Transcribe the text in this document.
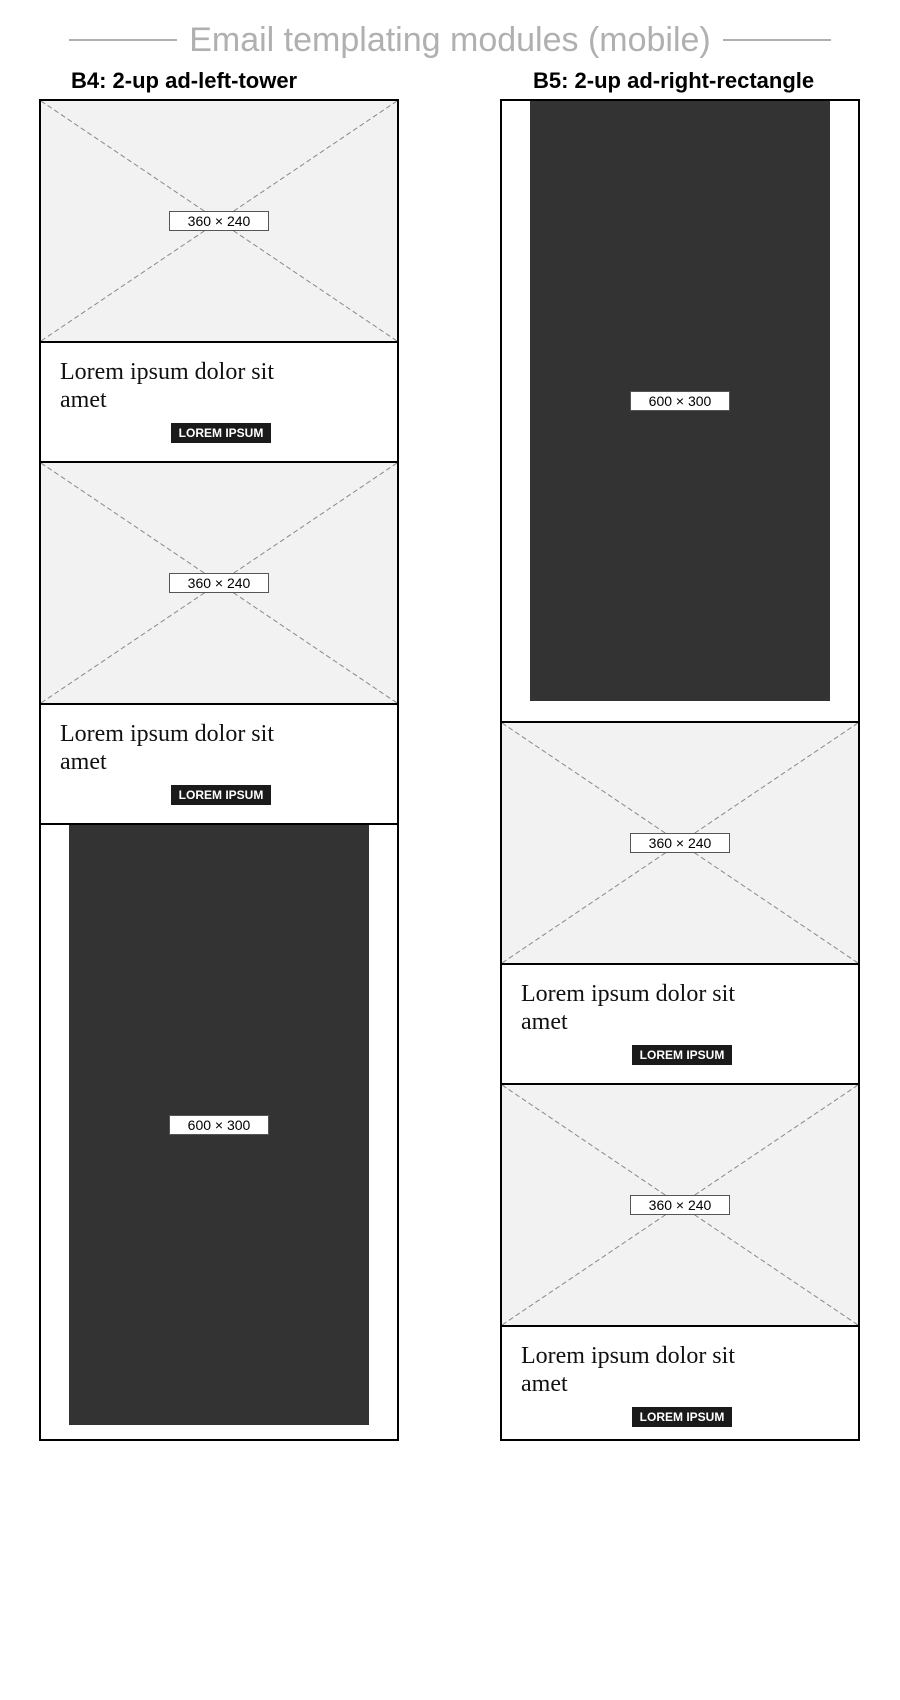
Email templating modules (mobile)
B4: 2-up ad-left-tower	B5: 2-up ad-right-rectangle
360 × 240
Lorem ipsum dolor sit amet
LOREM IPSUM
360 × 240
Lorem ipsum dolor sit amet
LOREM IPSUM
600 × 300
600 × 300
360 × 240
Lorem ipsum dolor sit amet
LOREM IPSUM
360 × 240
Lorem ipsum dolor sit amet
LOREM IPSUM
